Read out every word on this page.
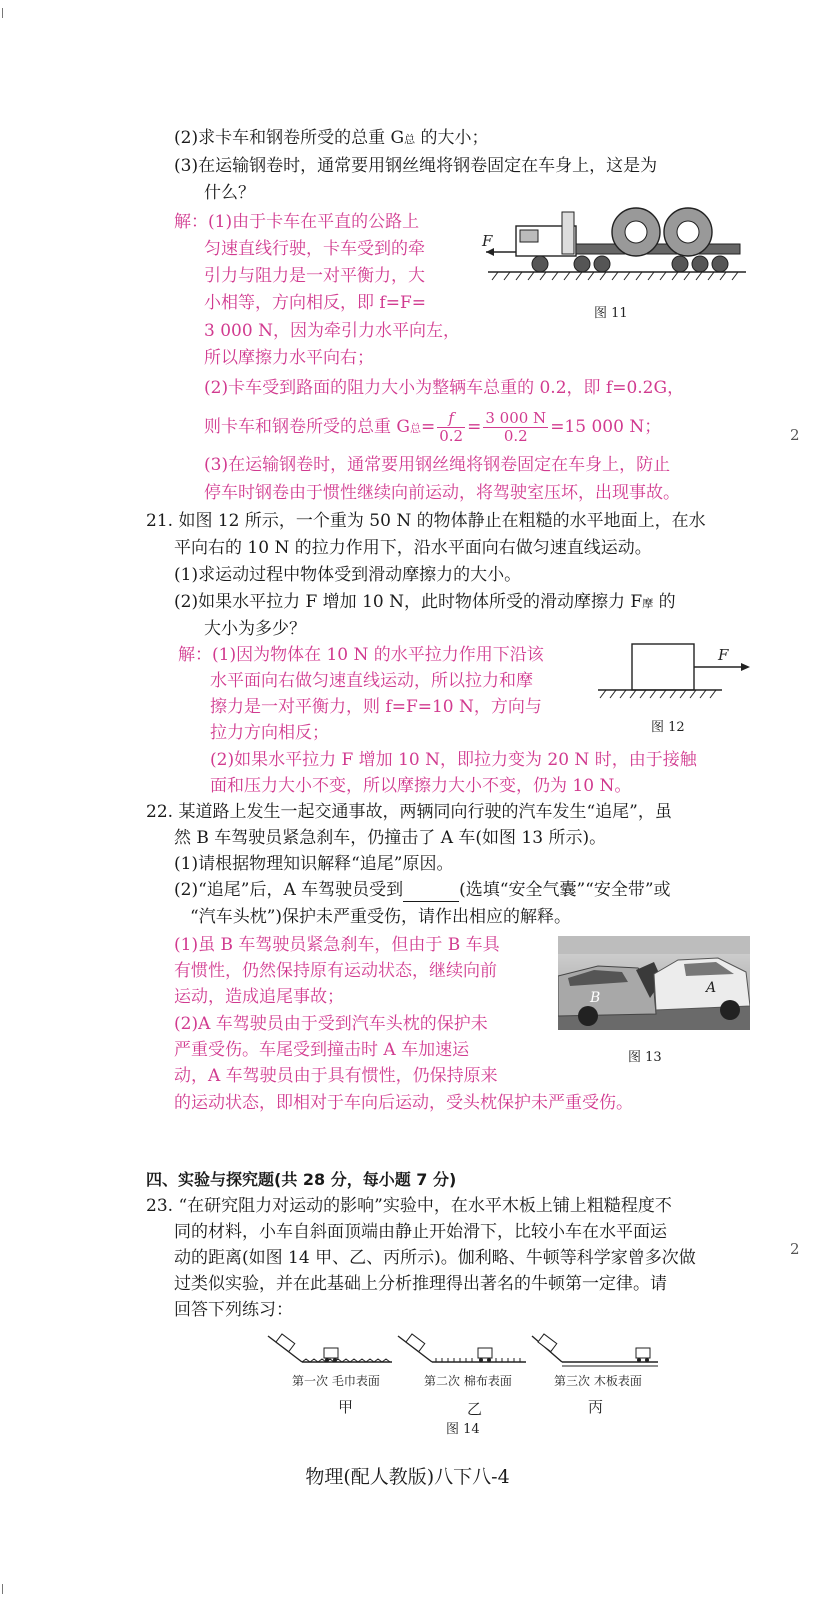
(2)求卡车和钢卷所受的总重 G总 的大小；
(3)在运输钢卷时，通常要用钢丝绳将钢卷固定在车身上，这是为
什么？
解：(1)由于卡车在平直的公路上
匀速直线行驶，卡车受到的牵
引力与阻力是一对平衡力，大
小相等，方向相反，即 f=F=
3 000 N，因为牵引力水平向左，
所以摩擦力水平向右；
(2)卡车受到路面的阻力大小为整辆车总重的 0.2，即 f=0.2G，
则卡车和钢卷所受的总重 G总= $\frac{f}{0.2} = \frac{3 000 N}{0.2} =15$ 000 N；
(3)在运输钢卷时，通常要用钢丝绳将钢卷固定在车身上，防止
停车时钢卷由于惯性继续向前运动，将驾驶室压坏，出现事故。
F
图 11
21. 如图 12 所示，一个重为 50 N 的物体静止在粗糙的水平地面上，在水
平向右的 10 N 的拉力作用下，沿水平面向右做匀速直线运动。
(1)求运动过程中物体受到滑动摩擦力的大小。
(2)如果水平拉力 F 增加 10 N，此时物体所受的滑动摩擦力 F摩 的
大小为多少？
解：(1)因为物体在 10 N 的水平拉力作用下沿该
水平面向右做匀速直线运动，所以拉力和摩
擦力是一对平衡力，则 f=F=10 N，方向与
拉力方向相反；
(2)如果水平拉力 F 增加 10 N，即拉力变为 20 N 时，由于接触
面和压力大小不变，所以摩擦力大小不变，仍为 10 N。
F
图 12
22. 某道路上发生一起交通事故，两辆同向行驶的汽车发生“追尾”，虽
然 B 车驾驶员紧急刹车，仍撞击了 A 车(如图 13 所示)。
(1)请根据物理知识解释“追尾”原因。
(2)“追尾”后，A 车驾驶员受到	(选填“安全气囊”“安全带”或
“汽车头枕”)保护未严重受伤，请作出相应的解释。
(1)虽 B 车驾驶员紧急刹车，但由于 B 车具
有惯性，仍然保持原有运动状态，继续向前
运动，造成追尾事故；
(2)A 车驾驶员由于受到汽车头枕的保护未
严重受伤。车尾受到撞击时 A 车加速运
动，A 车驾驶员由于具有惯性，仍保持原来
的运动状态，即相对于车向后运动，受头枕保护未严重受伤。
B
A
图 13
四、实验与探究题(共 28 分，每小题 7 分)
23. “在研究阻力对运动的影响”实验中，在水平木板上铺上粗糙程度不
同的材料，小车自斜面顶端由静止开始滑下，比较小车在水平面运
动的距离(如图 14 甲、乙、丙所示)。伽利略、牛顿等科学家曾多次做
过类似实验，并在此基础上分析推理得出著名的牛顿第一定律。请
回答下列练习：
第一次 毛巾表面	第二次 棉布表面	第三次 木板表面
甲	乙	丙
图 14
物理(配人教版)八下八-4
2
2
